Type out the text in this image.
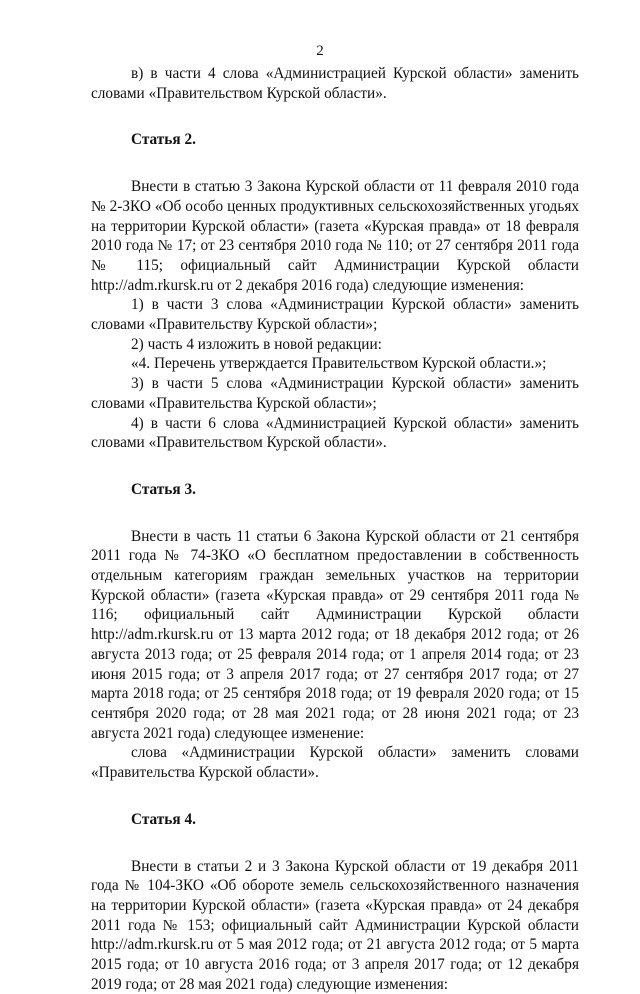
2

в) в части 4 слова «Администрацией Курской области» заменить словами «Правительством Курской области».

Статья 2.

Внести в статью 3 Закона Курской области от 11 февраля 2010 года № 2-ЗКО «Об особо ценных продуктивных сельскохозяйственных угодьях на территории Курской области» (газета «Курская правда» от 18 февраля 2010 года № 17; от 23 сентября 2010 года № 110; от 27 сентября 2011 года № 115; официальный сайт Администрации Курской области http://adm.rkursk.ru от 2 декабря 2016 года) следующие изменения:

1) в части 3 слова «Администрации Курской области» заменить словами «Правительству Курской области»;

2) часть 4 изложить в новой редакции:

«4. Перечень утверждается Правительством Курской области.»;

3) в части 5 слова «Администрации Курской области» заменить словами «Правительства Курской области»;

4) в части 6 слова «Администрацией Курской области» заменить словами «Правительством Курской области».

Статья 3.

Внести в часть 11 статьи 6 Закона Курской области от 21 сентября 2011 года № 74-ЗКО «О бесплатном предоставлении в собственность отдельным категориям граждан земельных участков на территории Курской области» (газета «Курская правда» от 29 сентября 2011 года № 116; официальный сайт Администрации Курской области http://adm.rkursk.ru от 13 марта 2012 года; от 18 декабря 2012 года; от 26 августа 2013 года; от 25 февраля 2014 года; от 1 апреля 2014 года; от 23 июня 2015 года; от 3 апреля 2017 года; от 27 сентября 2017 года; от 27 марта 2018 года; от 25 сентября 2018 года; от 19 февраля 2020 года; от 15 сентября 2020 года; от 28 мая 2021 года; от 28 июня 2021 года; от 23 августа 2021 года) следующее изменение:

слова «Администрации Курской области» заменить словами «Правительства Курской области».

Статья 4.

Внести в статьи 2 и 3 Закона Курской области от 19 декабря 2011 года № 104-ЗКО «Об обороте земель сельскохозяйственного назначения на территории Курской области» (газета «Курская правда» от 24 декабря 2011 года № 153; официальный сайт Администрации Курской области http://adm.rkursk.ru от 5 мая 2012 года; от 21 августа 2012 года; от 5 марта 2015 года; от 10 августа 2016 года; от 3 апреля 2017 года; от 12 декабря 2019 года; от 28 мая 2021 года) следующие изменения:
